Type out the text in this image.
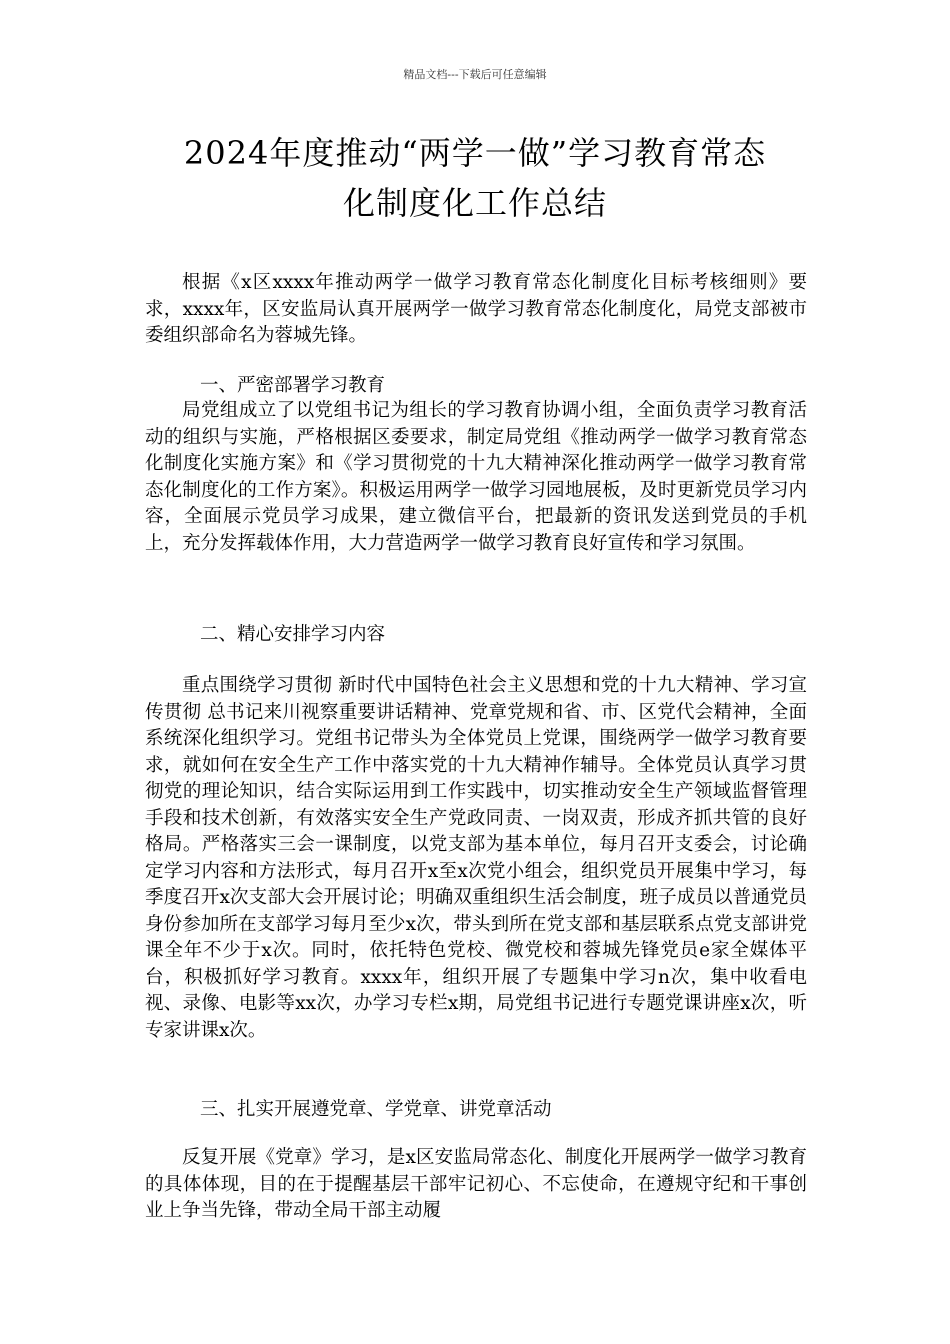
精品文档---下载后可任意编辑
2024年度推动“两学一做”学习教育常态
化制度化工作总结

根据《x区xxxx年推动两学一做学习教育常态化制度化目标考核细则》要求，xxxx年，区安监局认真开展两学一做学习教育常态化制度化，局党支部被市委组织部命名为蓉城先锋。

一、严密部署学习教育

局党组成立了以党组书记为组长的学习教育协调小组，全面负责学习教育活动的组织与实施，严格根据区委要求，制定局党组《推动两学一做学习教育常态化制度化实施方案》和《学习贯彻党的十九大精神深化推动两学一做学习教育常态化制度化的工作方案》。积极运用两学一做学习园地展板，及时更新党员学习内容，全面展示党员学习成果，建立微信平台，把最新的资讯发送到党员的手机上，充分发挥载体作用，大力营造两学一做学习教育良好宣传和学习氛围。

二、精心安排学习内容

重点围绕学习贯彻 新时代中国特色社会主义思想和党的十九大精神、学习宣传贯彻 总书记来川视察重要讲话精神、党章党规和省、市、区党代会精神，全面系统深化组织学习。党组书记带头为全体党员上党课，围绕两学一做学习教育要求，就如何在安全生产工作中落实党的十九大精神作辅导。全体党员认真学习贯彻党的理论知识，结合实际运用到工作实践中，切实推动安全生产领域监督管理手段和技术创新，有效落实安全生产党政同责、一岗双责，形成齐抓共管的良好格局。严格落实三会一课制度，以党支部为基本单位，每月召开支委会，讨论确定学习内容和方法形式，每月召开x至x次党小组会，组织党员开展集中学习，每季度召开x次支部大会开展讨论；明确双重组织生活会制度，班子成员以普通党员身份参加所在支部学习每月至少x次，带头到所在党支部和基层联系点党支部讲党课全年不少于x次。同时，依托特色党校、微党校和蓉城先锋党员e家全媒体平台，积极抓好学习教育。xxxx年，组织开展了专题集中学习n次，集中收看电视、录像、电影等xx次，办学习专栏x期，局党组书记进行专题党课讲座x次，听专家讲课x次。

三、扎实开展遵党章、学党章、讲党章活动

反复开展《党章》学习，是x区安监局常态化、制度化开展两学一做学习教育的具体体现，目的在于提醒基层干部牢记初心、不忘使命，在遵规守纪和干事创业上争当先锋，带动全局干部主动履
